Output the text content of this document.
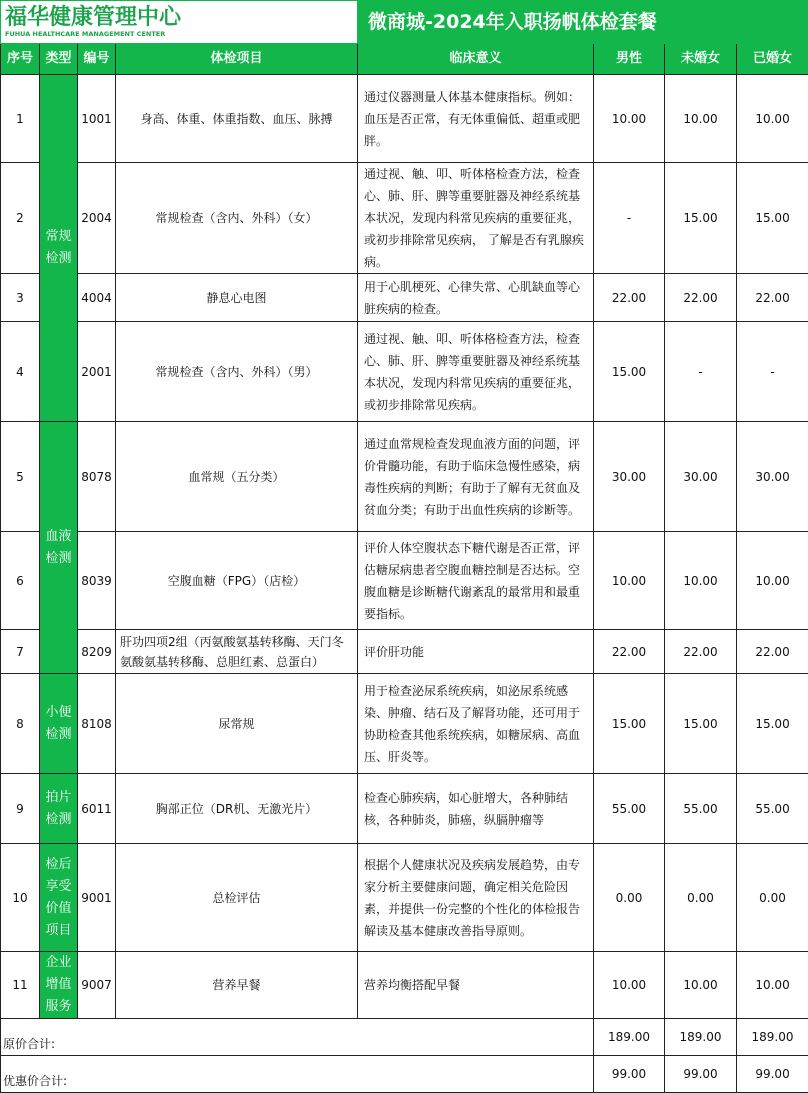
福华健康管理中心
FUHUA HEALTHCARE MANAGEMENT CENTER				微商城-2024年入职扬帆体检套餐			
序号	类型	编号	体检项目	临床意义	男性	未婚女	已婚女
1	常规检测	1001	身高、体重、体重指数、血压、脉搏	通过仪器测量人体基本健康指标。例如：血压是否正常，有无体重偏低、超重或肥胖。	10.00	10.00	10.00
2		2004	常规检查（含内、外科）（女）	通过视、触、叩、听体格检查方法，检查心、肺、肝、脾等重要脏器及神经系统基本状况，发现内科常见疾病的重要征兆，或初步排除常见疾病， 了解是否有乳腺疾病。	-	15.00	15.00
3		4004	静息心电图	用于心肌梗死、心律失常、心肌缺血等心脏疾病的检查。	22.00	22.00	22.00
4		2001	常规检查（含内、外科）（男）	通过视、触、叩、听体格检查方法，检查心、肺、肝、脾等重要脏器及神经系统基本状况，发现内科常见疾病的重要征兆，或初步排除常见疾病。	15.00	-	-
5	血液检测	8078	血常规（五分类）	通过血常规检查发现血液方面的问题，评价骨髓功能，有助于临床急慢性感染，病毒性疾病的判断；有助于了解有无贫血及贫血分类；有助于出血性疾病的诊断等。	30.00	30.00	30.00
6		8039	空腹血糖（FPG）（店检）	评价人体空腹状态下糖代谢是否正常，评估糖尿病患者空腹血糖控制是否达标。空腹血糖是诊断糖代谢紊乱的最常用和最重要指标。	10.00	10.00	10.00
7		8209	肝功四项2组（丙氨酸氨基转移酶、天门冬氨酸氨基转移酶、总胆红素、总蛋白）	评价肝功能	22.00	22.00	22.00
8	小便检测	8108	尿常规	用于检查泌尿系统疾病，如泌尿系统感染、肿瘤、结石及了解肾功能，还可用于协助检查其他系统疾病，如糖尿病、高血压、肝炎等。	15.00	15.00	15.00
9	拍片检测	6011	胸部正位（DR机、无激光片）	检查心肺疾病，如心脏增大，各种肺结核，各种肺炎，肺癌，纵膈肿瘤等	55.00	55.00	55.00
10	检后享受价值项目	9001	总检评估	根据个人健康状况及疾病发展趋势，由专家分析主要健康问题，确定相关危险因素，并提供一份完整的个性化的体检报告解读及基本健康改善指导原则。	0.00	0.00	0.00
11	企业增值服务	9007	营养早餐	营养均衡搭配早餐	10.00	10.00	10.00
原价合计:					189.00	189.00	189.00
优惠价合计:					99.00	99.00	99.00
